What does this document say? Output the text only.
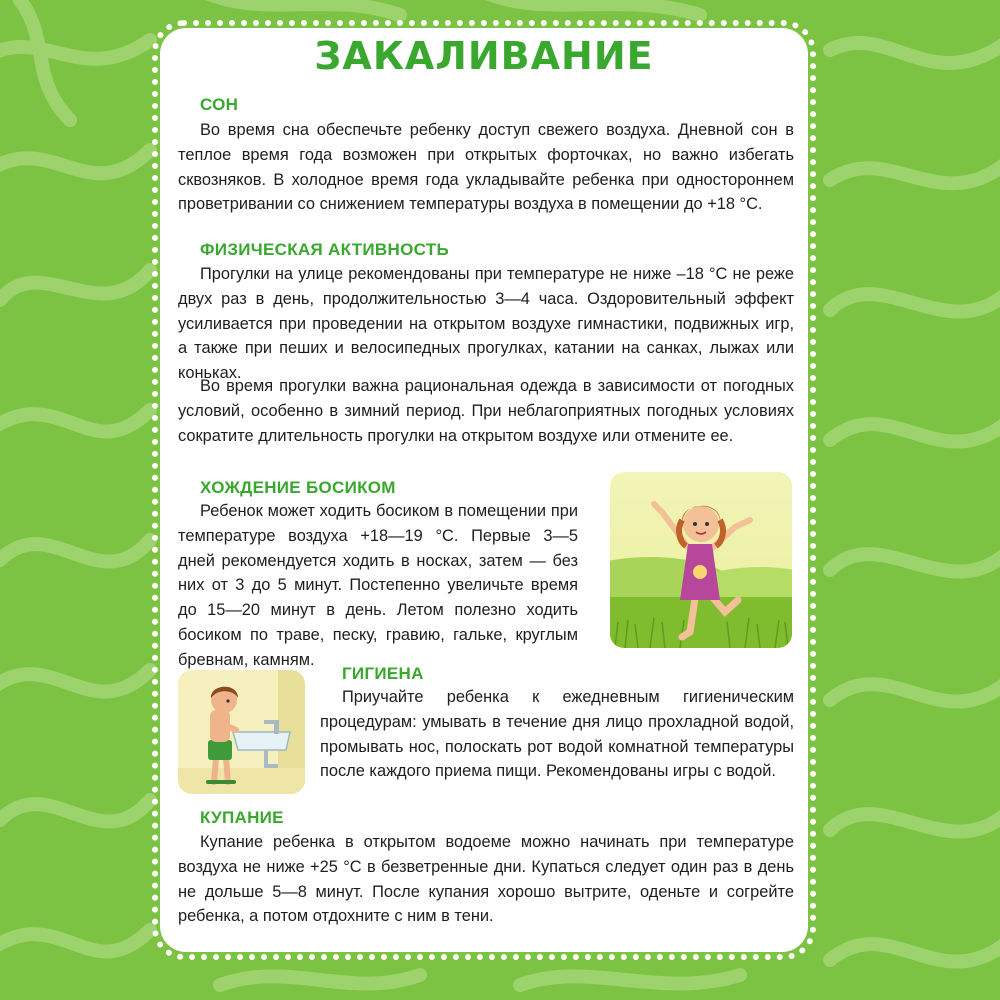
ЗАКАЛИВАНИЕ
СОН

Во время сна обеспечьте ребенку доступ свежего воздуха. Дневной сон в теплое время года возможен при открытых форточках, но важно избегать сквозняков. В холодное время года укладывайте ребенка при одностороннем проветривании со снижением температуры воздуха в помещении до +18 °С.

ФИЗИЧЕСКАЯ АКТИВНОСТЬ

Прогулки на улице рекомендованы при температуре не ниже –18 °С не реже двух раз в день, продолжительностью 3—4 часа. Оздоровительный эффект усиливается при проведении на открытом воздухе гимнастики, подвижных игр, а также при пеших и велосипедных прогулках, катании на санках, лыжах или коньках.

Во время прогулки важна рациональная одежда в зависимости от погодных условий, особенно в зимний период. При неблагоприятных погодных условиях сократите длительность прогулки на открытом воздухе или отмените ее.

ХОЖДЕНИЕ БОСИКОМ

Ребенок может ходить босиком в помещении при температуре воздуха +18—19 °С. Первые 3—5 дней рекомендуется ходить в носках, затем — без них от 3 до 5 минут. Постепенно увеличьте время до 15—20 минут в день. Летом полезно ходить босиком по траве, песку, гравию, гальке, круглым бревнам, камням.

ГИГИЕНА

Приучайте ребенка к ежедневным гигиеническим процедурам: умывать в течение дня лицо прохладной водой, промывать нос, полоскать рот водой комнатной температуры после каждого приема пищи. Рекомендованы игры с водой.

КУПАНИЕ

Купание ребенка в открытом водоеме можно начинать при температуре воздуха не ниже +25 °С в безветренные дни. Купаться следует один раз в день не дольше 5—8 минут. После купания хорошо вытрите, оденьте и согрейте ребенка, а потом отдохните с ним в тени.
